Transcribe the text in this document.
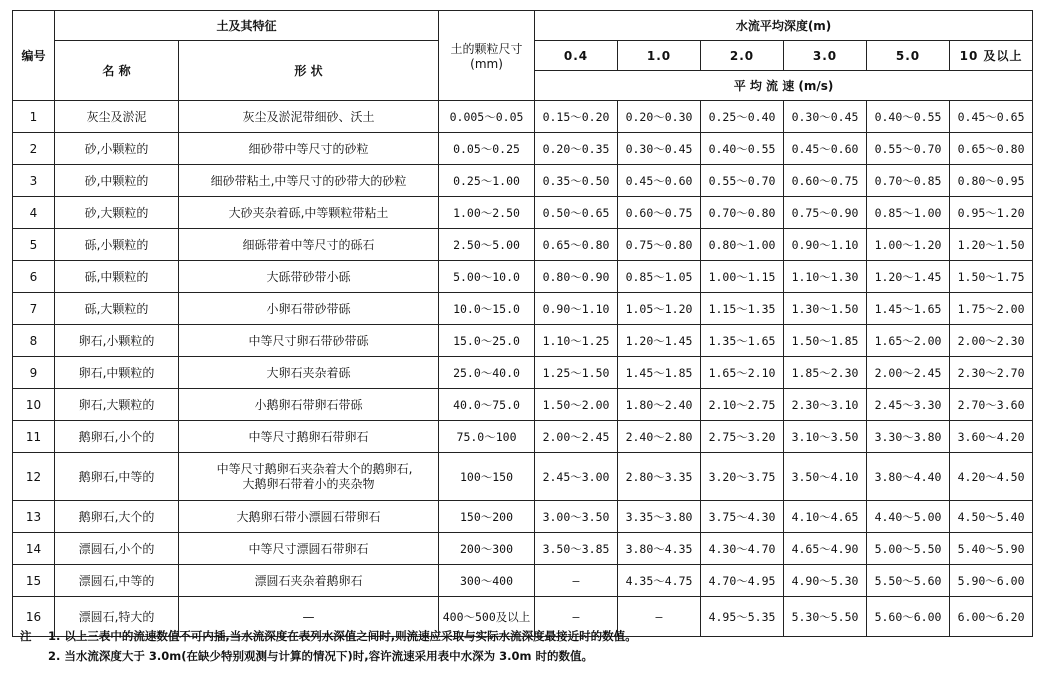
编号	土及其特征		土的颗粒尺寸
(mm)	水流平均深度(m)					
	名 称	形 状		0.4	1.0	2.0	3.0	5.0	10 及以上
				平 均 流 速 (m/s)					
1	灰尘及淤泥	灰尘及淤泥带细砂、沃土	0.005～0.05	0.15～0.20	0.20～0.30	0.25～0.40	0.30～0.45	0.40～0.55	0.45～0.65
2	砂,小颗粒的	细砂带中等尺寸的砂粒	0.05～0.25	0.20～0.35	0.30～0.45	0.40～0.55	0.45～0.60	0.55～0.70	0.65～0.80
3	砂,中颗粒的	细砂带粘土,中等尺寸的砂带大的砂粒	0.25～1.00	0.35～0.50	0.45～0.60	0.55～0.70	0.60～0.75	0.70～0.85	0.80～0.95
4	砂,大颗粒的	大砂夹杂着砾,中等颗粒带粘土	1.00～2.50	0.50～0.65	0.60～0.75	0.70～0.80	0.75～0.90	0.85～1.00	0.95～1.20
5	砾,小颗粒的	细砾带着中等尺寸的砾石	2.50～5.00	0.65～0.80	0.75～0.80	0.80～1.00	0.90～1.10	1.00～1.20	1.20～1.50
6	砾,中颗粒的	大砾带砂带小砾	5.00～10.0	0.80～0.90	0.85～1.05	1.00～1.15	1.10～1.30	1.20～1.45	1.50～1.75
7	砾,大颗粒的	小卵石带砂带砾	10.0～15.0	0.90～1.10	1.05～1.20	1.15～1.35	1.30～1.50	1.45～1.65	1.75～2.00
8	卵石,小颗粒的	中等尺寸卵石带砂带砾	15.0～25.0	1.10～1.25	1.20～1.45	1.35～1.65	1.50～1.85	1.65～2.00	2.00～2.30
9	卵石,中颗粒的	大卵石夹杂着砾	25.0～40.0	1.25～1.50	1.45～1.85	1.65～2.10	1.85～2.30	2.00～2.45	2.30～2.70
10	卵石,大颗粒的	小鹅卵石带卵石带砾	40.0～75.0	1.50～2.00	1.80～2.40	2.10～2.75	2.30～3.10	2.45～3.30	2.70～3.60
11	鹅卵石,小个的	中等尺寸鹅卵石带卵石	75.0～100	2.00～2.45	2.40～2.80	2.75～3.20	3.10～3.50	3.30～3.80	3.60～4.20
12	鹅卵石,中等的	中等尺寸鹅卵石夹杂着大个的鹅卵石,
大鹅卵石带着小的夹杂物	100～150	2.45～3.00	2.80～3.35	3.20～3.75	3.50～4.10	3.80～4.40	4.20～4.50
13	鹅卵石,大个的	大鹅卵石带小漂圆石带卵石	150～200	3.00～3.50	3.35～3.80	3.75～4.30	4.10～4.65	4.40～5.00	4.50～5.40
14	漂圆石,小个的	中等尺寸漂圆石带卵石	200～300	3.50～3.85	3.80～4.35	4.30～4.70	4.65～4.90	5.00～5.50	5.40～5.90
15	漂圆石,中等的	漂圆石夹杂着鹅卵石	300～400	—	4.35～4.75	4.70～4.95	4.90～5.30	5.50～5.60	5.90～6.00
16	漂圆石,特大的	—	400～500及以上	—	—	4.95～5.35	5.30～5.50	5.60～6.00	6.00～6.20
注 1. 以上三表中的流速数值不可内插,当水流深度在表列水深值之间时,则流速应采取与实际水流深度最接近时的数值。
2. 当水流深度大于 3.0m(在缺少特别观测与计算的情况下)时,容许流速采用表中水深为 3.0m 时的数值。
